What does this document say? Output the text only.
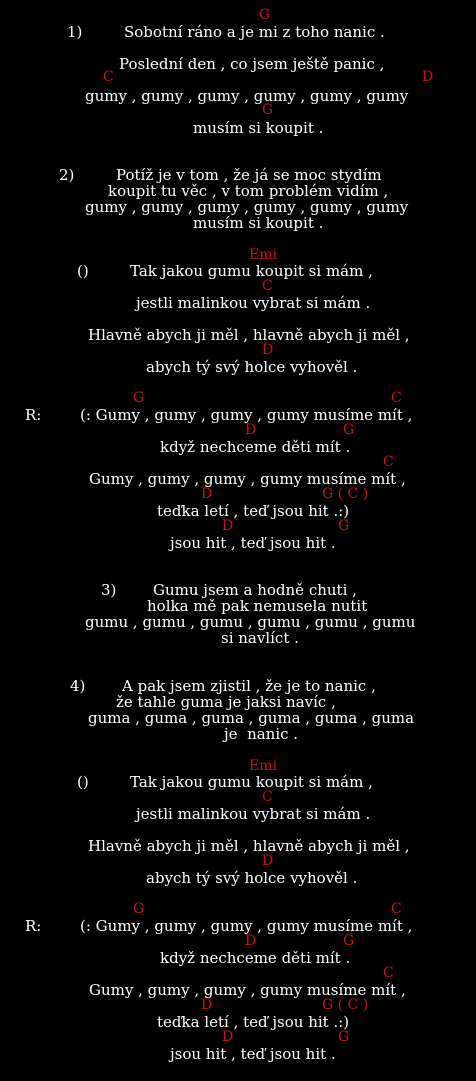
G
1)	Sobotní ráno a je mi z toho nanic .
Poslední den , co jsem ještě panic ,
C	D
gumy , gumy , gumy , gumy , gumy , gumy
G
musím si koupit .
2)	Potíž je v tom , že já se moc stydím
koupit tu věc , v tom problém vidím ,
gumy , gumy , gumy , gumy , gumy , gumy
musím si koupit .
Emi
()	Tak jakou gumu koupit si mám ,
C
jestli malinkou vybrat si mám .
Hlavně abych ji měl , hlavně abych ji měl ,
D
abych tý svý holce vyhověl .
G	C
R:	(: Gumy , gumy , gumy , gumy musíme mít ,
D	G
když nechceme děti mít .
C
Gumy , gumy , gumy , gumy musíme mít ,
D	G ( C )
teďka letí , teď jsou hit .:)
D	G
jsou hit , teď jsou hit .
3) Gumu jsem a hodně chuti ,
holka mě pak nemusela nutit
gumu , gumu , gumu , gumu , gumu , gumu
si navlíct .
4) A pak jsem zjistil , že je to nanic ,
že tahle guma je jaksi navíc ,
guma , guma , guma , guma , guma , guma
je  nanic .
Emi
()	Tak jakou gumu koupit si mám ,
C
jestli malinkou vybrat si mám .
Hlavně abych ji měl , hlavně abych ji měl ,
D
abych tý svý holce vyhověl .
G	C
R:	(: Gumy , gumy , gumy , gumy musíme mít ,
D	G
když nechceme děti mít .
C
Gumy , gumy , gumy , gumy musíme mít ,
D	G ( C )
teďka letí , teď jsou hit .:)
D	G
jsou hit , teď jsou hit .
